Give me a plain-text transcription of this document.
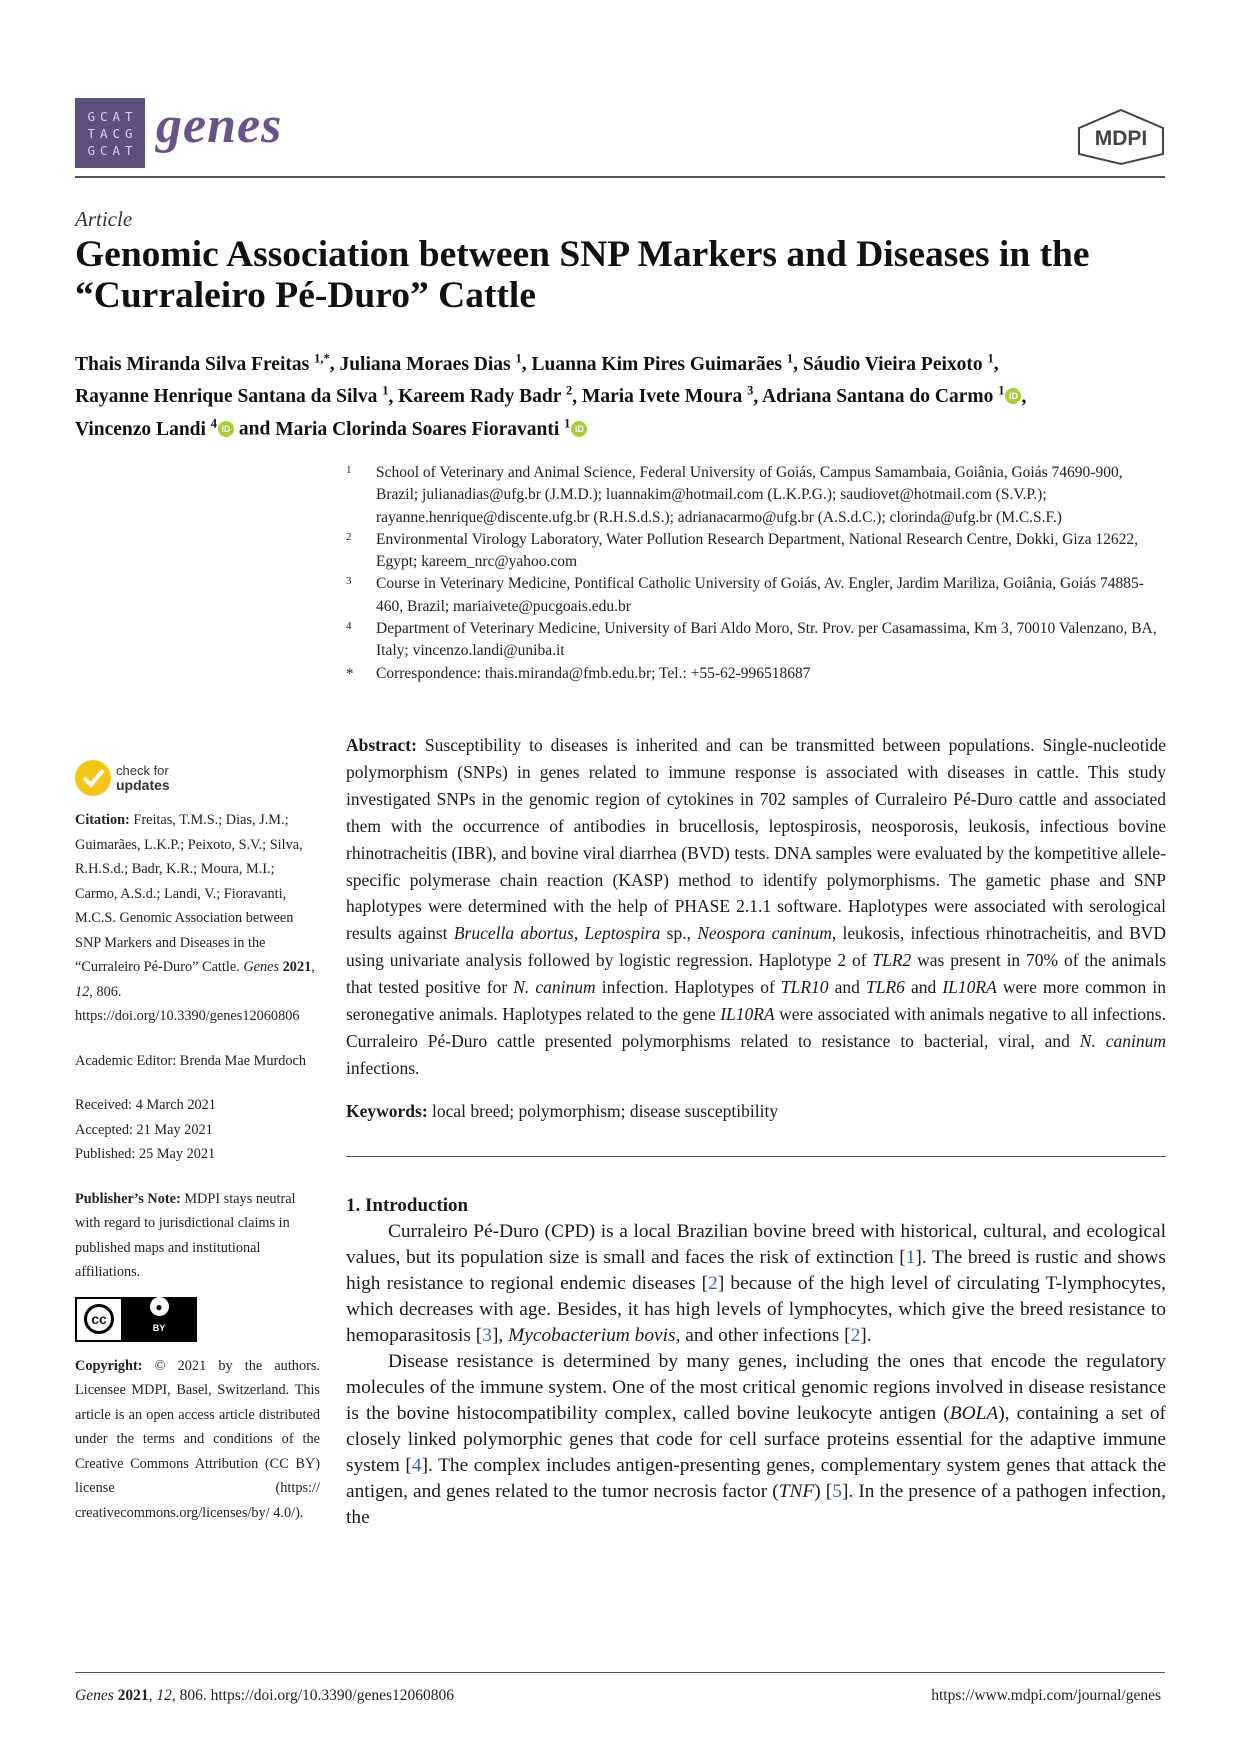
GCAT
TACG
GCAT genes	MDPI
Article
Genomic Association between SNP Markers and Diseases in the “Curraleiro Pé-Duro” Cattle
Thais Miranda Silva Freitas $^{1,*}$, Juliana Moraes Dias $^1$, Luanna Kim Pires Guimarães $^1$, Sáudio Vieira Peixoto $^1$,
Rayanne Henrique Santana da Silva $^1$, Kareem Rady Badr $^2$, Maria Ivete Moura $^3$, Adriana Santana do Carmo $^1$ iD ,
Vincenzo Landi $^4$ iD and Maria Clorinda Soares Fioravanti $^1$ iD
1 School of Veterinary and Animal Science, Federal University of Goiás, Campus Samambaia, Goiânia, Goiás 74690-900, Brazil; julianadias@ufg.br (J.M.D.); luannakim@hotmail.com (L.K.P.G.); saudiovet@hotmail.com (S.V.P.); rayanne.henrique@discente.ufg.br (R.H.S.d.S.); adrianacarmo@ufg.br (A.S.d.C.); clorinda@ufg.br (M.C.S.F.)
2 Environmental Virology Laboratory, Water Pollution Research Department, National Research Centre, Dokki, Giza 12622, Egypt; kareem_nrc@yahoo.com
3 Course in Veterinary Medicine, Pontifical Catholic University of Goiás, Av. Engler, Jardim Mariliza, Goiânia, Goiás 74885-460, Brazil; mariaivete@pucgoais.edu.br
4 Department of Veterinary Medicine, University of Bari Aldo Moro, Str. Prov. per Casamassima, Km 3, 70010 Valenzano, BA, Italy; vincenzo.landi@uniba.it
* Correspondence: thais.miranda@fmb.edu.br; Tel.: +55-62-996518687
check for
updates

Citation: Freitas, T.M.S.; Dias, J.M.; Guimarães, L.K.P.; Peixoto, S.V.; Silva, R.H.S.d.; Badr, K.R.; Moura, M.I.; Carmo, A.S.d.; Landi, V.; Fioravanti, M.C.S. Genomic Association between SNP Markers and Diseases in the “Curraleiro Pé-Duro” Cattle. Genes 2021, 12, 806. https://doi.org/10.3390/genes12060806

Academic Editor: Brenda Mae Murdoch

Received: 4 March 2021

Accepted: 21 May 2021

Published: 25 May 2021

Publisher’s Note: MDPI stays neutral with regard to jurisdictional claims in published maps and institutional affiliations.

cc
●
BY

Copyright: © 2021 by the authors. Licensee MDPI, Basel, Switzerland. This article is an open access article distributed under the terms and conditions of the Creative Commons Attribution (CC BY) license (https:// creativecommons.org/licenses/by/ 4.0/).

Abstract: Susceptibility to diseases is inherited and can be transmitted between populations. Single-nucleotide polymorphism (SNPs) in genes related to immune response is associated with diseases in cattle. This study investigated SNPs in the genomic region of cytokines in 702 samples of Curraleiro Pé-Duro cattle and associated them with the occurrence of antibodies in brucellosis, leptospirosis, neosporosis, leukosis, infectious bovine rhinotracheitis (IBR), and bovine viral diarrhea (BVD) tests. DNA samples were evaluated by the kompetitive allele-specific polymerase chain reaction (KASP) method to identify polymorphisms. The gametic phase and SNP haplotypes were determined with the help of PHASE 2.1.1 software. Haplotypes were associated with serological results against Brucella abortus, Leptospira sp., Neospora caninum, leukosis, infectious rhinotracheitis, and BVD using univariate analysis followed by logistic regression. Haplotype 2 of TLR2 was present in 70% of the animals that tested positive for N. caninum infection. Haplotypes of TLR10 and TLR6 and IL10RA were more common in seronegative animals. Haplotypes related to the gene IL10RA were associated with animals negative to all infections. Curraleiro Pé-Duro cattle presented polymorphisms related to resistance to bacterial, viral, and N. caninum infections.

Keywords: local breed; polymorphism; disease susceptibility

1. Introduction

Curraleiro Pé-Duro (CPD) is a local Brazilian bovine breed with historical, cultural, and ecological values, but its population size is small and faces the risk of extinction [1]. The breed is rustic and shows high resistance to regional endemic diseases [2] because of the high level of circulating T-lymphocytes, which decreases with age. Besides, it has high levels of lymphocytes, which give the breed resistance to hemoparasitosis [3], Mycobacterium bovis, and other infections [2].

Disease resistance is determined by many genes, including the ones that encode the regulatory molecules of the immune system. One of the most critical genomic regions involved in disease resistance is the bovine histocompatibility complex, called bovine leukocyte antigen (BOLA), containing a set of closely linked polymorphic genes that code for cell surface proteins essential for the adaptive immune system [4]. The complex includes antigen-presenting genes, complementary system genes that attack the antigen, and genes related to the tumor necrosis factor (TNF) [5]. In the presence of a pathogen infection, the

Genes 2021, 12, 806. https://doi.org/10.3390/genes12060806	https://www.mdpi.com/journal/genes
